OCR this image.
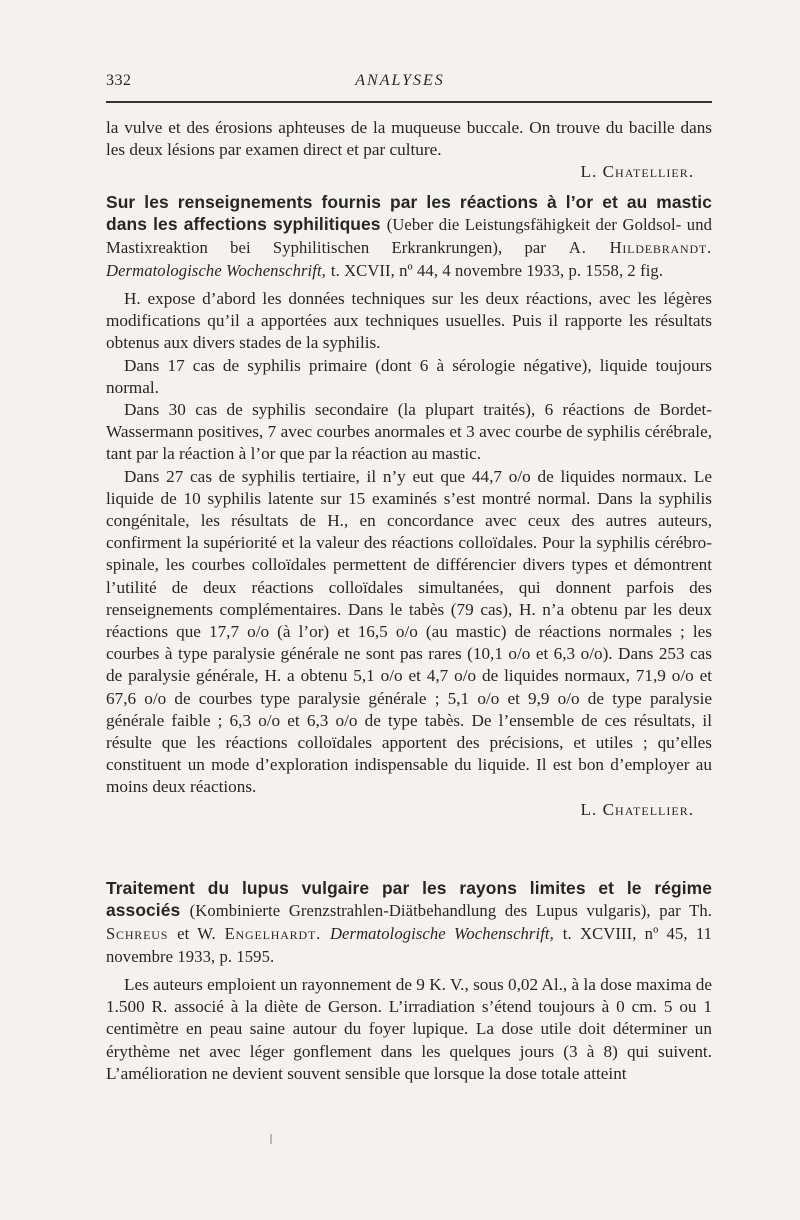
332	ANALYSES

la vulve et des érosions aphteuses de la muqueuse buccale. On trouve du bacille dans les deux lésions par examen direct et par culture.

L. Chatellier.

Sur les renseignements fournis par les réactions à l’or et au mastic dans les affections syphilitiques (Ueber die Leistungsfähigkeit der Goldsol- und Mastixreaktion bei Syphilitischen Erkrankrungen), par A. Hildebrandt. Dermatologische Wochenschrift, t. XCVII, nº 44, 4 novembre 1933, p. 1558, 2 fig.

H. expose d’abord les données techniques sur les deux réactions, avec les légères modifications qu’il a apportées aux techniques usuelles. Puis il rapporte les résultats obtenus aux divers stades de la syphilis.

Dans 17 cas de syphilis primaire (dont 6 à sérologie négative), liquide toujours normal.

Dans 30 cas de syphilis secondaire (la plupart traités), 6 réactions de Bordet-Wassermann positives, 7 avec courbes anormales et 3 avec courbe de syphilis cérébrale, tant par la réaction à l’or que par la réaction au mastic.

Dans 27 cas de syphilis tertiaire, il n’y eut que 44,7 o/o de liquides normaux. Le liquide de 10 syphilis latente sur 15 examinés s’est montré normal. Dans la syphilis congénitale, les résultats de H., en concordance avec ceux des autres auteurs, confirment la supériorité et la valeur des réactions colloïdales. Pour la syphilis cérébro-spinale, les courbes colloïdales permettent de différencier divers types et démontrent l’utilité de deux réactions colloïdales simultanées, qui donnent parfois des renseignements complémentaires. Dans le tabès (79 cas), H. n’a obtenu par les deux réactions que 17,7 o/o (à l’or) et 16,5 o/o (au mastic) de réactions normales ; les courbes à type paralysie générale ne sont pas rares (10,1 o/o et 6,3 o/o). Dans 253 cas de paralysie générale, H. a obtenu 5,1 o/o et 4,7 o/o de liquides normaux, 71,9 o/o et 67,6 o/o de courbes type paralysie générale ; 5,1 o/o et 9,9 o/o de type paralysie générale faible ; 6,3 o/o et 6,3 o/o de type tabès. De l’ensemble de ces résultats, il résulte que les réactions colloïdales apportent des précisions, et utiles ; qu’elles constituent un mode d’exploration indispensable du liquide. Il est bon d’employer au moins deux réactions.

L. Chatellier.

Traitement du lupus vulgaire par les rayons limites et le régime associés (Kombinierte Grenzstrahlen-Diätbehandlung des Lupus vulgaris), par Th. Schreus et W. Engelhardt. Dermatologische Wochenschrift, t. XCVIII, nº 45, 11 novembre 1933, p. 1595.

Les auteurs emploient un rayonnement de 9 K. V., sous 0,02 Al., à la dose maxima de 1.500 R. associé à la diète de Gerson. L’irradiation s’étend toujours à 0 cm. 5 ou 1 centimètre en peau saine autour du foyer lupique. La dose utile doit déterminer un érythème net avec léger gonflement dans les quelques jours (3 à 8) qui suivent. L’amélioration ne devient souvent sensible que lorsque la dose totale atteint
